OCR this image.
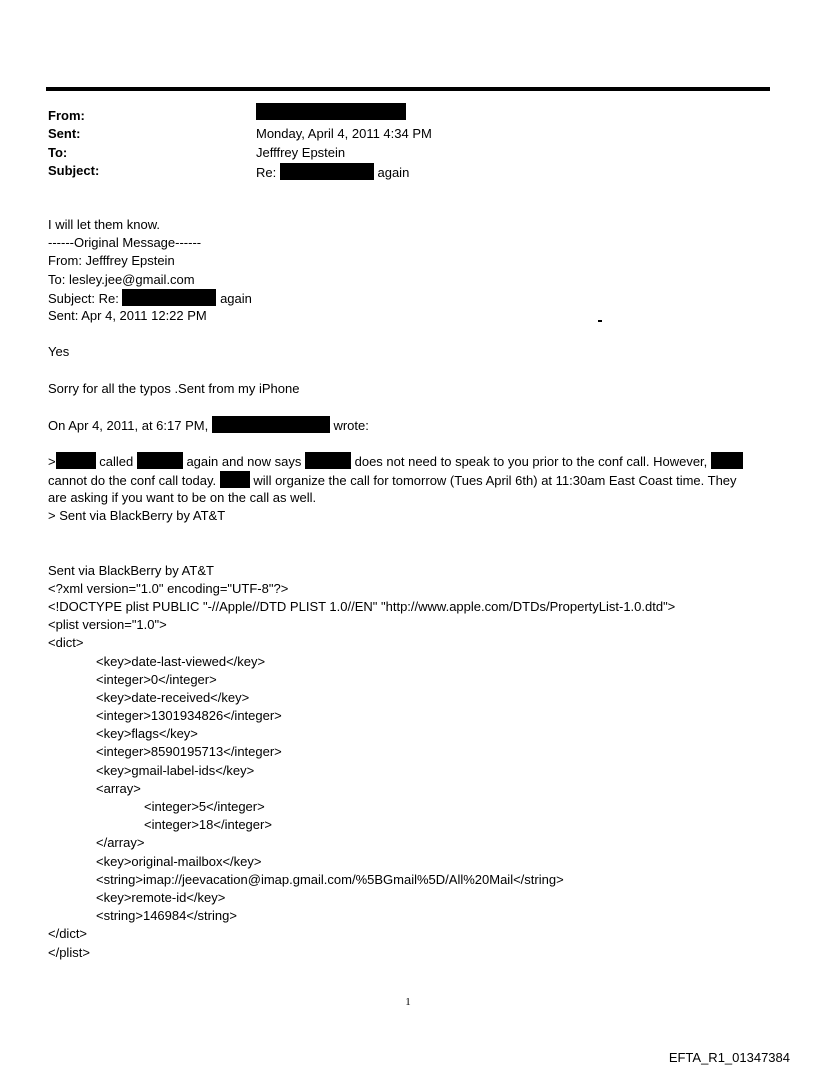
From:
Sent:	Monday, April 4, 2011 4:34 PM
To:	Jefffrey Epstein
Subject:	Re:	again
I will let them know.
------Original Message------
From: Jefffrey Epstein
To: lesley.jee@gmail.com
Subject: Re:	again
Sent: Apr 4, 2011 12:22 PM
Yes
Sorry for all the typos .Sent from my iPhone
On Apr 4, 2011, at 6:17 PM,	wrote:
>	called	again and now says	does not need to speak to you prior to the conf call. However,
cannot do the conf call today.	will organize the call for tomorrow (Tues April 6th) at 11:30am East Coast time. They
are asking if you want to be on the call as well.
> Sent via BlackBerry by AT&T
Sent via BlackBerry by AT&T
<?xml version="1.0" encoding="UTF-8"?>
<!DOCTYPE plist PUBLIC "-//Apple//DTD PLIST 1.0//EN" "http://www.apple.com/DTDs/PropertyList-1.0.dtd">
<plist version="1.0">
<dict>
<key>date-last-viewed</key>
<integer>0</integer>
<key>date-received</key>
<integer>1301934826</integer>
<key>flags</key>
<integer>8590195713</integer>
<key>gmail-label-ids</key>
<array>
<integer>5</integer>
<integer>18</integer>
</array>
<key>original-mailbox</key>
<string>imap://jeevacation@imap.gmail.com/%5BGmail%5D/All%20Mail</string>
<key>remote-id</key>
<string>146984</string>
</dict>
</plist>
1
EFTA_R1_01347384
